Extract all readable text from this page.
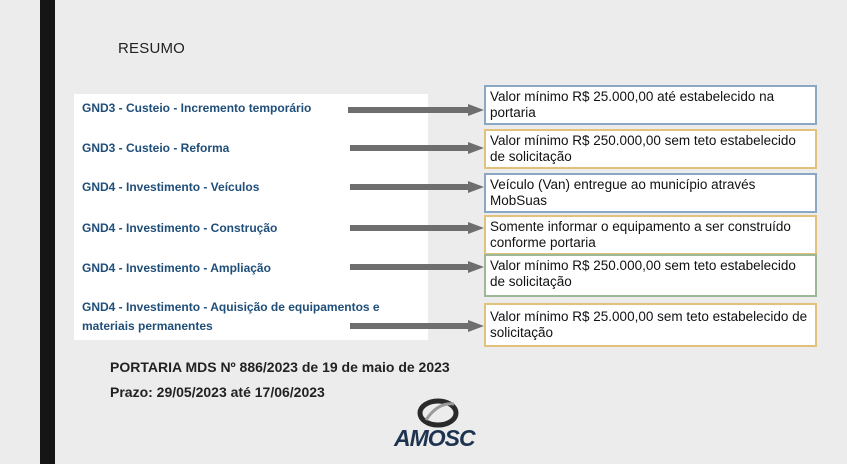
RESUMO
GND3 - Custeio - Incremento temporário
GND3 - Custeio - Reforma
GND4 - Investimento - Veículos
GND4 - Investimento - Construção
GND4 - Investimento - Ampliação
GND4 - Investimento - Aquisição de equipamentos e materiais permanentes
Valor mínimo R$ 25.000,00 até estabelecido na portaria
Valor mínimo R$ 250.000,00 sem teto estabelecido de solicitação
Veículo (Van) entregue ao município através MobSuas
Somente informar o equipamento a ser construído conforme portaria
Valor mínimo R$ 250.000,00 sem teto estabelecido de solicitação
Valor mínimo R$ 25.000,00 sem teto estabelecido de solicitação
PORTARIA MDS Nº 886/2023 de 19 de maio de 2023
Prazo: 29/05/2023 até 17/06/2023
AMOSC
